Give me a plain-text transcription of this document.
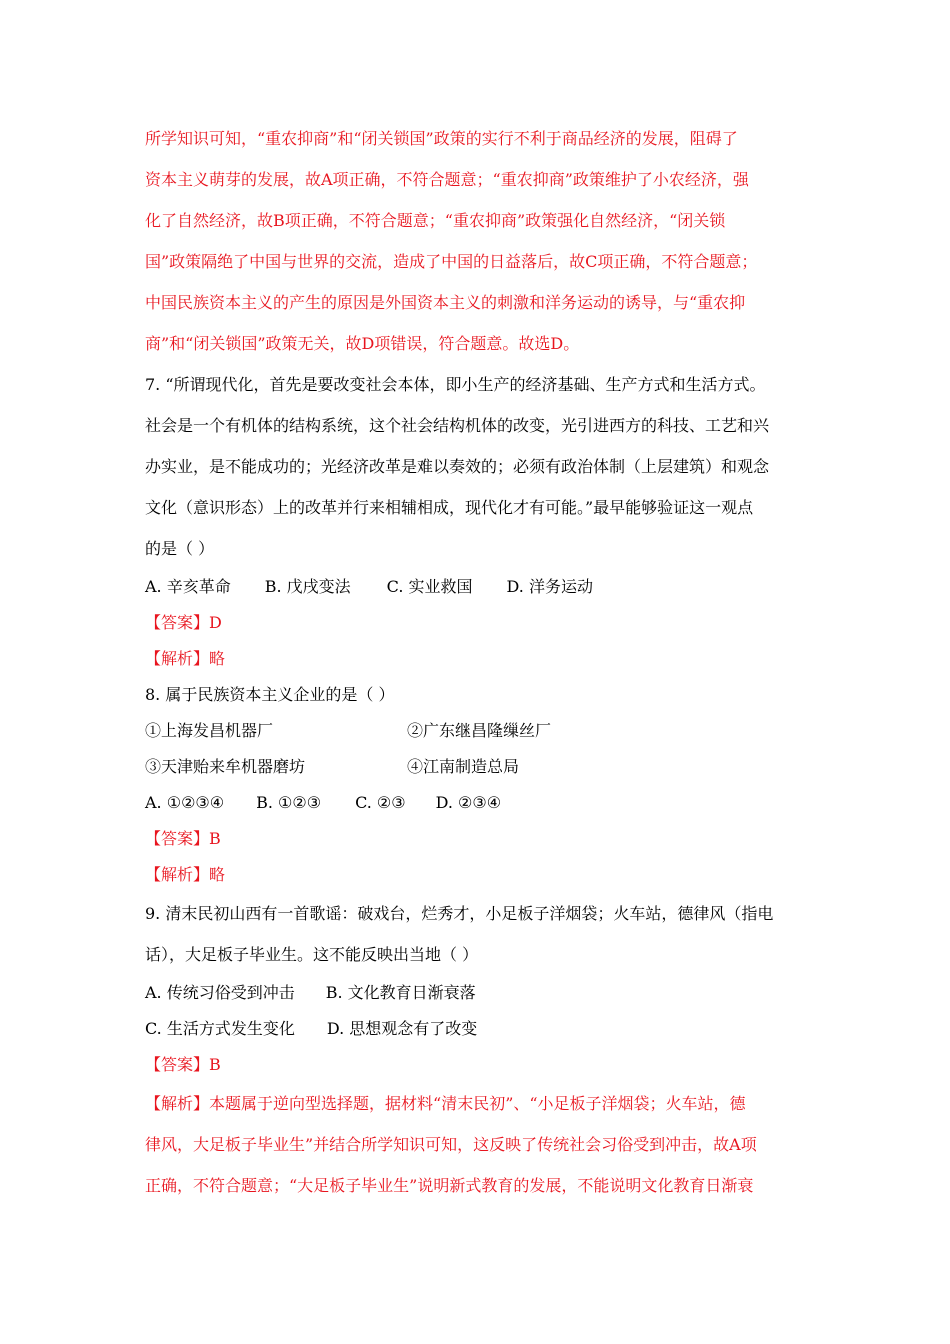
所学知识可知，“重农抑商”和“闭关锁国”政策的实行不利于商品经济的发展，阻碍了

资本主义萌芽的发展，故A项正确，不符合题意；“重农抑商”政策维护了小农经济，强

化了自然经济，故B项正确，不符合题意；“重农抑商”政策强化自然经济，“闭关锁

国”政策隔绝了中国与世界的交流，造成了中国的日益落后，故C项正确，不符合题意；

中国民族资本主义的产生的原因是外国资本主义的刺激和洋务运动的诱导，与“重农抑

商”和“闭关锁国”政策无关，故D项错误，符合题意。故选D。

7. “所谓现代化，首先是要改变社会本体，即小生产的经济基础、生产方式和生活方式。

社会是一个有机体的结构系统，这个社会结构机体的改变，光引进西方的科技、工艺和兴

办实业，是不能成功的；光经济改革是难以奏效的；必须有政治体制（上层建筑）和观念

文化（意识形态）上的改革并行来相辅相成，现代化才有可能。”最早能够验证这一观点

的是（ ）

A. 辛亥革命 B. 戊戌变法 C. 实业救国 D. 洋务运动

【答案】D

【解析】略

8. 属于民族资本主义企业的是（ ）

①上海发昌机器厂	②广东继昌隆缫丝厂
③天津贻来牟机器磨坊	④江南制造总局

A. ①②③④ B. ①②③ C. ②③ D. ②③④

【答案】B

【解析】略

9. 清末民初山西有一首歌谣：破戏台，烂秀才，小足板子洋烟袋；火车站，德律风（指电

话），大足板子毕业生。这不能反映出当地（ ）

A. 传统习俗受到冲击 B. 文化教育日渐衰落

C. 生活方式发生变化 D. 思想观念有了改变

【答案】B

【解析】本题属于逆向型选择题，据材料“清末民初”、“小足板子洋烟袋；火车站，德

律风，大足板子毕业生”并结合所学知识可知，这反映了传统社会习俗受到冲击，故A项

正确，不符合题意；“大足板子毕业生”说明新式教育的发展，不能说明文化教育日渐衰
